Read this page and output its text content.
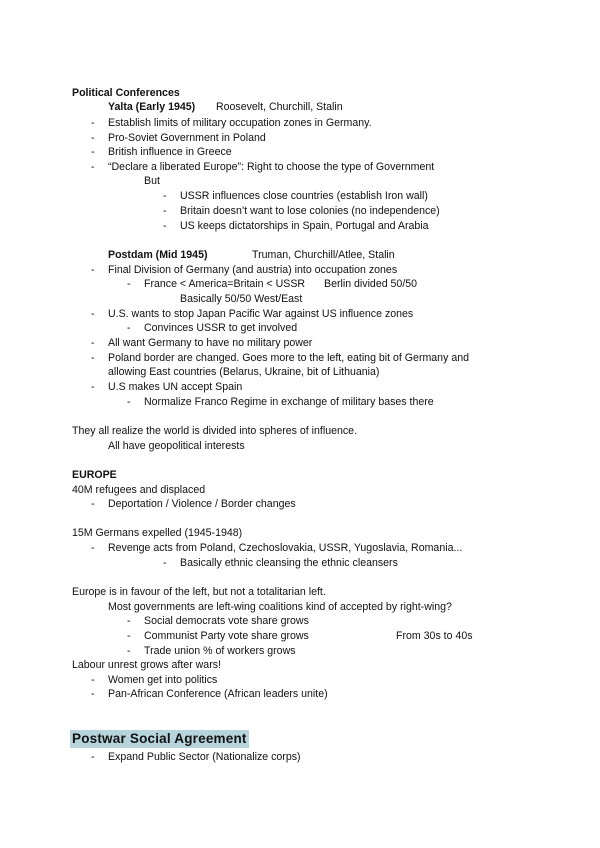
Political Conferences
Yalta (Early 1945) Roosevelt, Churchill, Stalin
- Establish limits of military occupation zones in Germany.
- Pro-Soviet Government in Poland
- British influence in Greece
- “Declare a liberated Europe”: Right to choose the type of Government
But
- USSR influences close countries (establish Iron wall)
- Britain doesn’t want to lose colonies (no independence)
- US keeps dictatorships in Spain, Portugal and Arabia
Postdam (Mid 1945)	Truman, Churchill/Atlee, Stalin
- Final Division of Germany (and austria) into occupation zones
- France < America=Britain < USSR Berlin divided 50/50
Basically 50/50 West/East
- U.S. wants to stop Japan Pacific War against US influence zones
- Convinces USSR to get involved
- All want Germany to have no military power
- Poland border are changed. Goes more to the left, eating bit of Germany and
allowing East countries (Belarus, Ukraine, bit of Lithuania)
- U.S makes UN accept Spain
- Normalize Franco Regime in exchange of military bases there
They all realize the world is divided into spheres of influence.
All have geopolitical interests
EUROPE
40M refugees and displaced
- Deportation / Violence / Border changes
15M Germans expelled (1945-1948)
- Revenge acts from Poland, Czechoslovakia, USSR, Yugoslavia, Romania...
- Basically ethnic cleansing the ethnic cleansers
Europe is in favour of the left, but not a totalitarian left.
Most governments are left-wing coalitions kind of accepted by right-wing?
- Social democrats vote share grows
- Communist Party vote share grows	From 30s to 40s
- Trade union % of workers grows
Labour unrest grows after wars!
- Women get into politics
- Pan-African Conference (African leaders unite)
Postwar Social Agreement
- Expand Public Sector (Nationalize corps)
